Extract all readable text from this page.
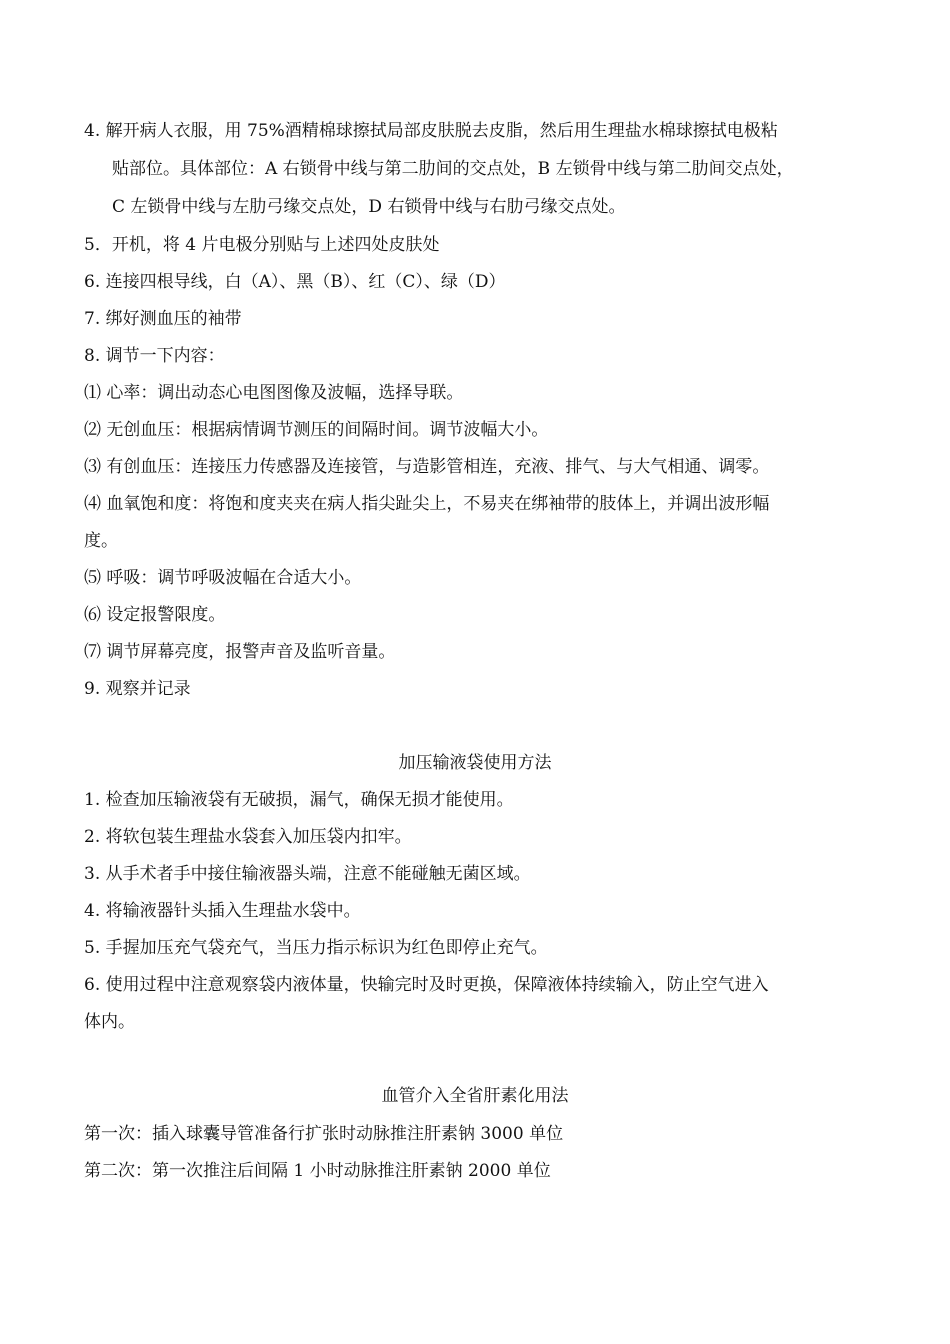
4. 解开病人衣服，用 75%酒精棉球擦拭局部皮肤脱去皮脂，然后用生理盐水棉球擦拭电极粘
贴部位。具体部位：A 右锁骨中线与第二肋间的交点处，B 左锁骨中线与第二肋间交点处，
C 左锁骨中线与左肋弓缘交点处，D 右锁骨中线与右肋弓缘交点处。
5．开机，将 4 片电极分别贴与上述四处皮肤处
6. 连接四根导线，白（A）、黑（B）、红（C）、绿（D）
7. 绑好测血压的袖带
8. 调节一下内容：
⑴ 心率：调出动态心电图图像及波幅，选择导联。
⑵ 无创血压：根据病情调节测压的间隔时间。调节波幅大小。
⑶ 有创血压：连接压力传感器及连接管，与造影管相连，充液、排气、与大气相通、调零。
⑷ 血氧饱和度：将饱和度夹夹在病人指尖趾尖上，不易夹在绑袖带的肢体上，并调出波形幅
度。
⑸ 呼吸：调节呼吸波幅在合适大小。
⑹ 设定报警限度。
⑺ 调节屏幕亮度，报警声音及监听音量。
9. 观察并记录
加压输液袋使用方法
1. 检查加压输液袋有无破损，漏气，确保无损才能使用。
2. 将软包装生理盐水袋套入加压袋内扣牢。
3. 从手术者手中接住输液器头端，注意不能碰触无菌区域。
4. 将输液器针头插入生理盐水袋中。
5. 手握加压充气袋充气，当压力指示标识为红色即停止充气。
6. 使用过程中注意观察袋内液体量，快输完时及时更换，保障液体持续输入，防止空气进入
体内。
血管介入全省肝素化用法
第一次：插入球囊导管准备行扩张时动脉推注肝素钠 3000 单位
第二次：第一次推注后间隔 1 小时动脉推注肝素钠 2000 单位
